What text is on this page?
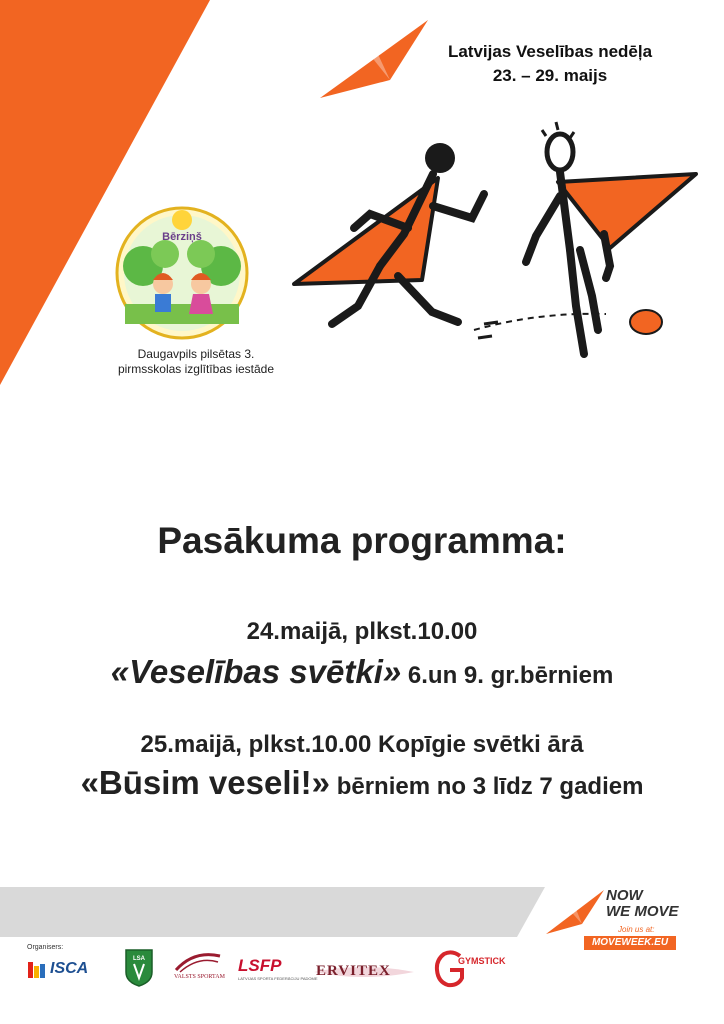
Latvijas Veselības nedēļa
23. – 29. maijs
Bērziņš
Daugavpils pilsētas 3.
pirmsskolas izglītības iestāde
Pasākuma programma:
24.maijā, plkst.10.00
«Veselības svētki» 6.un 9. gr.bērniem
25.maijā, plkst.10.00 Kopīgie svētki ārā
«Būsim veseli!» bērniem no 3 līdz 7 gadiem
NOW
WE MOVE
Join us at:
MOVEWEEK.EU
Organisers:
ISCA
LSA
VALSTS SPORTAM
LSFP
LATVIJAS SPORTA FEDERĀCIJU PADOME
ERVITEX
GYMSTICK
